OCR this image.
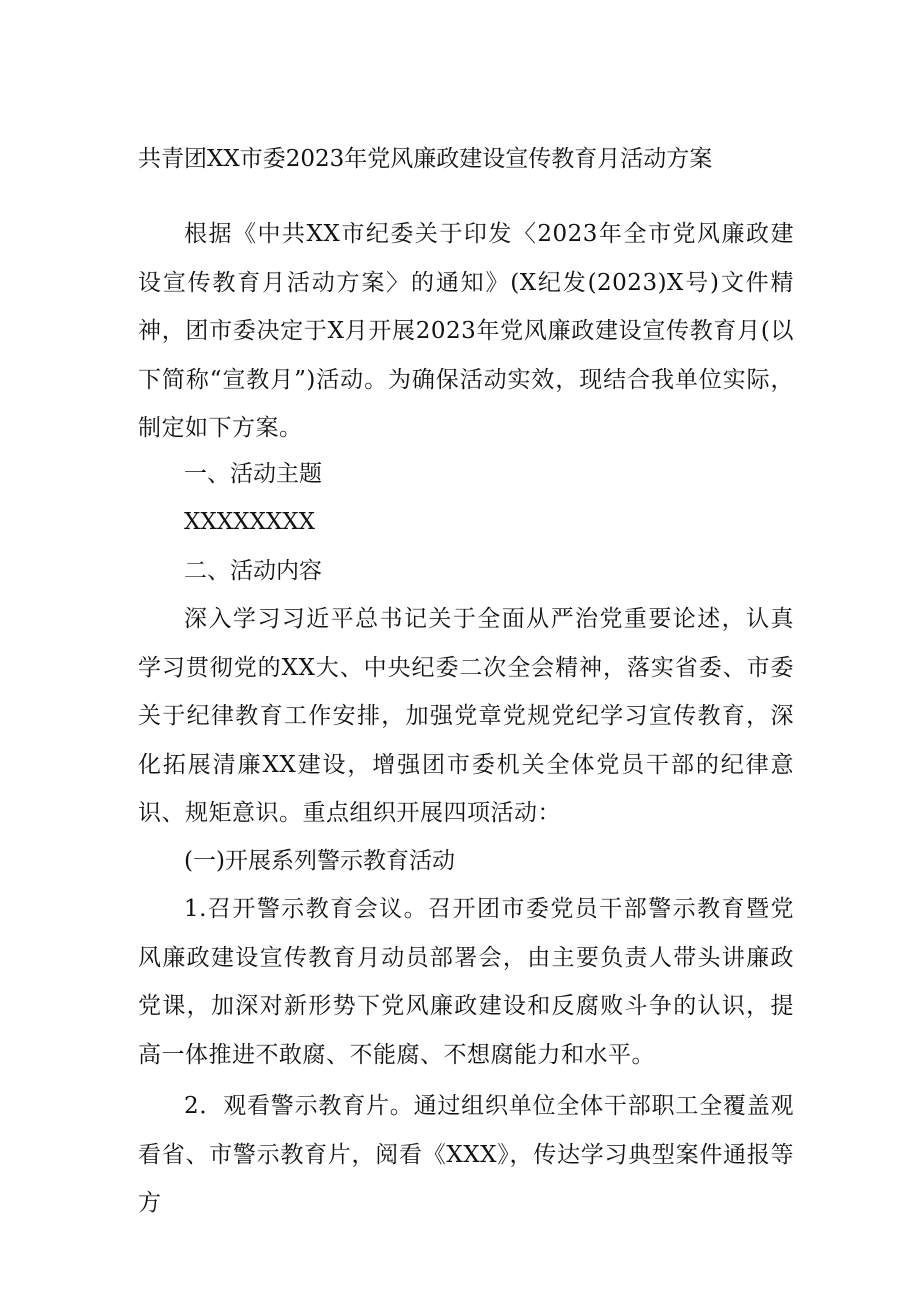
共青团XX市委2023年党风廉政建设宣传教育月活动方案

根据《中共XX市纪委关于印发〈2023年全市党风廉政建设宣传教育月活动方案〉的通知》(X纪发(2023)X号)文件精神，团市委决定于X月开展2023年党风廉政建设宣传教育月(以下简称“宣教月”)活动。为确保活动实效，现结合我单位实际，制定如下方案。

一、活动主题

XXXXXXXX

二、活动内容

深入学习习近平总书记关于全面从严治党重要论述，认真学习贯彻党的XX大、中央纪委二次全会精神，落实省委、市委关于纪律教育工作安排，加强党章党规党纪学习宣传教育，深化拓展清廉XX建设，增强团市委机关全体党员干部的纪律意识、规矩意识。重点组织开展四项活动：

(一)开展系列警示教育活动

1.召开警示教育会议。召开团市委党员干部警示教育暨党风廉政建设宣传教育月动员部署会，由主要负责人带头讲廉政党课，加深对新形势下党风廉政建设和反腐败斗争的认识，提高一体推进不敢腐、不能腐、不想腐能力和水平。

2．观看警示教育片。通过组织单位全体干部职工全覆盖观看省、市警示教育片，阅看《XXX》，传达学习典型案件通报等方
